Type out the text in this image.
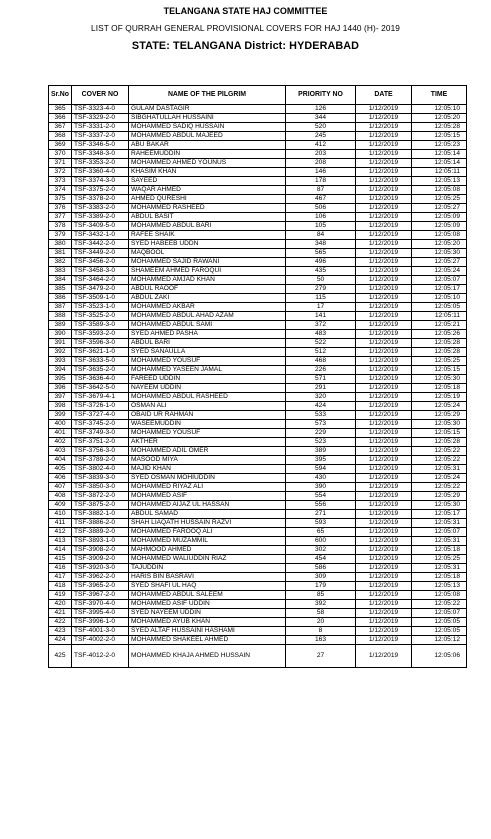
TELANGANA STATE HAJ COMMITTEE
LIST OF QURRAH GENERAL PROVISIONAL COVERS FOR HAJ 1440 (H)- 2019
STATE: TELANGANA District: HYDERABAD
Sr.No	COVER NO	NAME OF THE PILGRIM	PRIORITY NO	DATE	TIME
365	TSF-3323-4-0	GULAM DASTAGIR	126	1/12/2019	12:05:10
366	TSF-3329-2-0	SIBGHATULLAH HUSSAINI	344	1/12/2019	12:05:20
367	TSF-3331-2-0	MOHAMMED SADIQ HUSSAIN	520	1/12/2019	12:05:28
368	TSF-3337-2-0	MOHAMMED ABDUL MAJEED	245	1/12/2019	12:05:15
369	TSF-3346-5-0	ABU BAKAR	412	1/12/2019	12:05:23
370	TSF-3348-3-0	RAHEEMUDDIN	203	1/12/2019	12:05:14
371	TSF-3353-2-0	MOHAMMED AHMED YOUNUS	208	1/12/2019	12:05:14
372	TSF-3360-4-0	KHASIM KHAN	146	1/12/2019	12:05:11
373	TSF-3374-3-0	SAYEED	178	1/12/2019	12:05:13
374	TSF-3375-2-0	WAQAR AHMED	87	1/12/2019	12:05:08
375	TSF-3378-2-0	AHMED QURESHI	467	1/12/2019	12:05:25
376	TSF-3383-2-0	MOHAMMED RASHEED	506	1/12/2019	12:05:27
377	TSF-3389-2-0	ABDUL BASIT	106	1/12/2019	12:05:09
378	TSF-3409-5-0	MOHAMMED ABDUL BARI	105	1/12/2019	12:05:09
379	TSF-3432-1-0	RAFEE SHAIK	84	1/12/2019	12:05:08
380	TSF-3442-2-0	SYED HABEEB UDDN	348	1/12/2019	12:05:20
381	TSF-3449-2-0	MAQBOOL	565	1/12/2019	12:05:30
382	TSF-3456-2-0	MOHAMMED SAJID RAWANI	496	1/12/2019	12:05:27
383	TSF-3458-3-0	SHAMEEM AHMED FAROQUI	435	1/12/2019	12:05:24
384	TSF-3464-2-0	MOHAMMED AMJAD KHAN	50	1/12/2019	12:05:07
385	TSF-3479-2-0	ABDUL RAOOF	279	1/12/2019	12:05:17
386	TSF-3509-1-0	ABDUL ZAKI	115	1/12/2019	12:05:10
387	TSF-3523-1-0	MOHAMMED AKBAR	17	1/12/2019	12:05:05
388	TSF-3525-2-0	MOHAMMED ABDUL AHAD AZAM	141	1/12/2019	12:05:11
389	TSF-3589-3-0	MOHAMMED ABDUL SAMI	372	1/12/2019	12:05:21
390	TSF-3593-2-0	SYED AHMED PASHA	483	1/12/2019	12:05:26
391	TSF-3596-3-0	ABDUL BARI	522	1/12/2019	12:05:28
392	TSF-3621-1-0	SYED SANAULLA	512	1/12/2019	12:05:28
393	TSF-3633-5-0	MOHAMMED YOUSUF	468	1/12/2019	12:05:25
394	TSF-3635-2-0	MOHAMMED YASEEN JAMAL	226	1/12/2019	12:05:15
395	TSF-3636-4-0	FAREED UDDIN	571	1/12/2019	12:05:30
396	TSF-3642-5-0	NAYEEM UDDIN	291	1/12/2019	12:05:18
397	TSF-3679-4-1	MOHAMMED ABDUL RASHEED	320	1/12/2019	12:05:19
398	TSF-3726-1-0	OSMAN ALI	424	1/12/2019	12:05:24
399	TSF-3727-4-0	OBAID UR RAHMAN	533	1/12/2019	12:05:29
400	TSF-3745-2-0	WASEEMUDDIN	573	1/12/2019	12:05:30
401	TSF-3749-3-0	MOHAMMED YOUSUF	229	1/12/2019	12:05:15
402	TSF-3751-2-0	AKTHER	523	1/12/2019	12:05:28
403	TSF-3756-3-0	MOHAMMED ADIL OMER	389	1/12/2019	12:05:22
404	TSF-3789-2-0	MASOOD MIYA	395	1/12/2019	12:05:22
405	TSF-3802-4-0	MAJID KHAN	594	1/12/2019	12:05:31
406	TSF-3839-3-0	SYED OSMAN MOHIUDDIN	430	1/12/2019	12:05:24
407	TSF-3850-3-0	MOHAMMED RIYAZ ALI	390	1/12/2019	12:05:22
408	TSF-3872-2-0	MOHAMMED ASIF	554	1/12/2019	12:05:29
409	TSF-3875-2-0	MOHAMMED AIJAZ UL HASSAN	556	1/12/2019	12:05:30
410	TSF-3882-1-0	ABDUL SAMAD	271	1/12/2019	12:05:17
411	TSF-3886-2-0	SHAH LIAQATH HUSSAIN RAZVI	593	1/12/2019	12:05:31
412	TSF-3889-2-0	MOHAMMED FAROOQ ALI	65	1/12/2019	12:05:07
413	TSF-3893-1-0	MOHAMMED MUZAMMIL	600	1/12/2019	12:05:31
414	TSF-3908-2-0	MAHMOOD AHMED	302	1/12/2019	12:05:18
415	TSF-3909-2-0	MOHAMMED WALIUDDIN RIAZ	454	1/12/2019	12:05:25
416	TSF-3920-3-0	TAJUDDIN	586	1/12/2019	12:05:31
417	TSF-3962-2-0	HARIS BIN BASRAVI	309	1/12/2019	12:05:18
418	TSF-3965-2-0	SYED SHAFI UL HAQ	179	1/12/2019	12:05:13
419	TSF-3967-2-0	MOHAMMED ABDUL SALEEM	85	1/12/2019	12:05:08
420	TSF-3970-4-0	MOHAMMED ASIF UDDIN	392	1/12/2019	12:05:22
421	TSF-3995-4-0	SYED NAYEEM UDDIN	58	1/12/2019	12:05:07
422	TSF-3996-1-0	MOHAMMED AYUB KHAN	20	1/12/2019	12:05:05
423	TSF-4001-3-0	SYED ALTAF HUSSAINI HASHAMI	8	1/12/2019	12:05:05
424	TSF-4002-2-0	MOHAMMED SHAKEEL AHMED	163	1/12/2019	12:05:12
425	TSF-4012-2-0	MOHAMMED KHAJA AHMED HUSSAIN	27	1/12/2019	12:05:06
